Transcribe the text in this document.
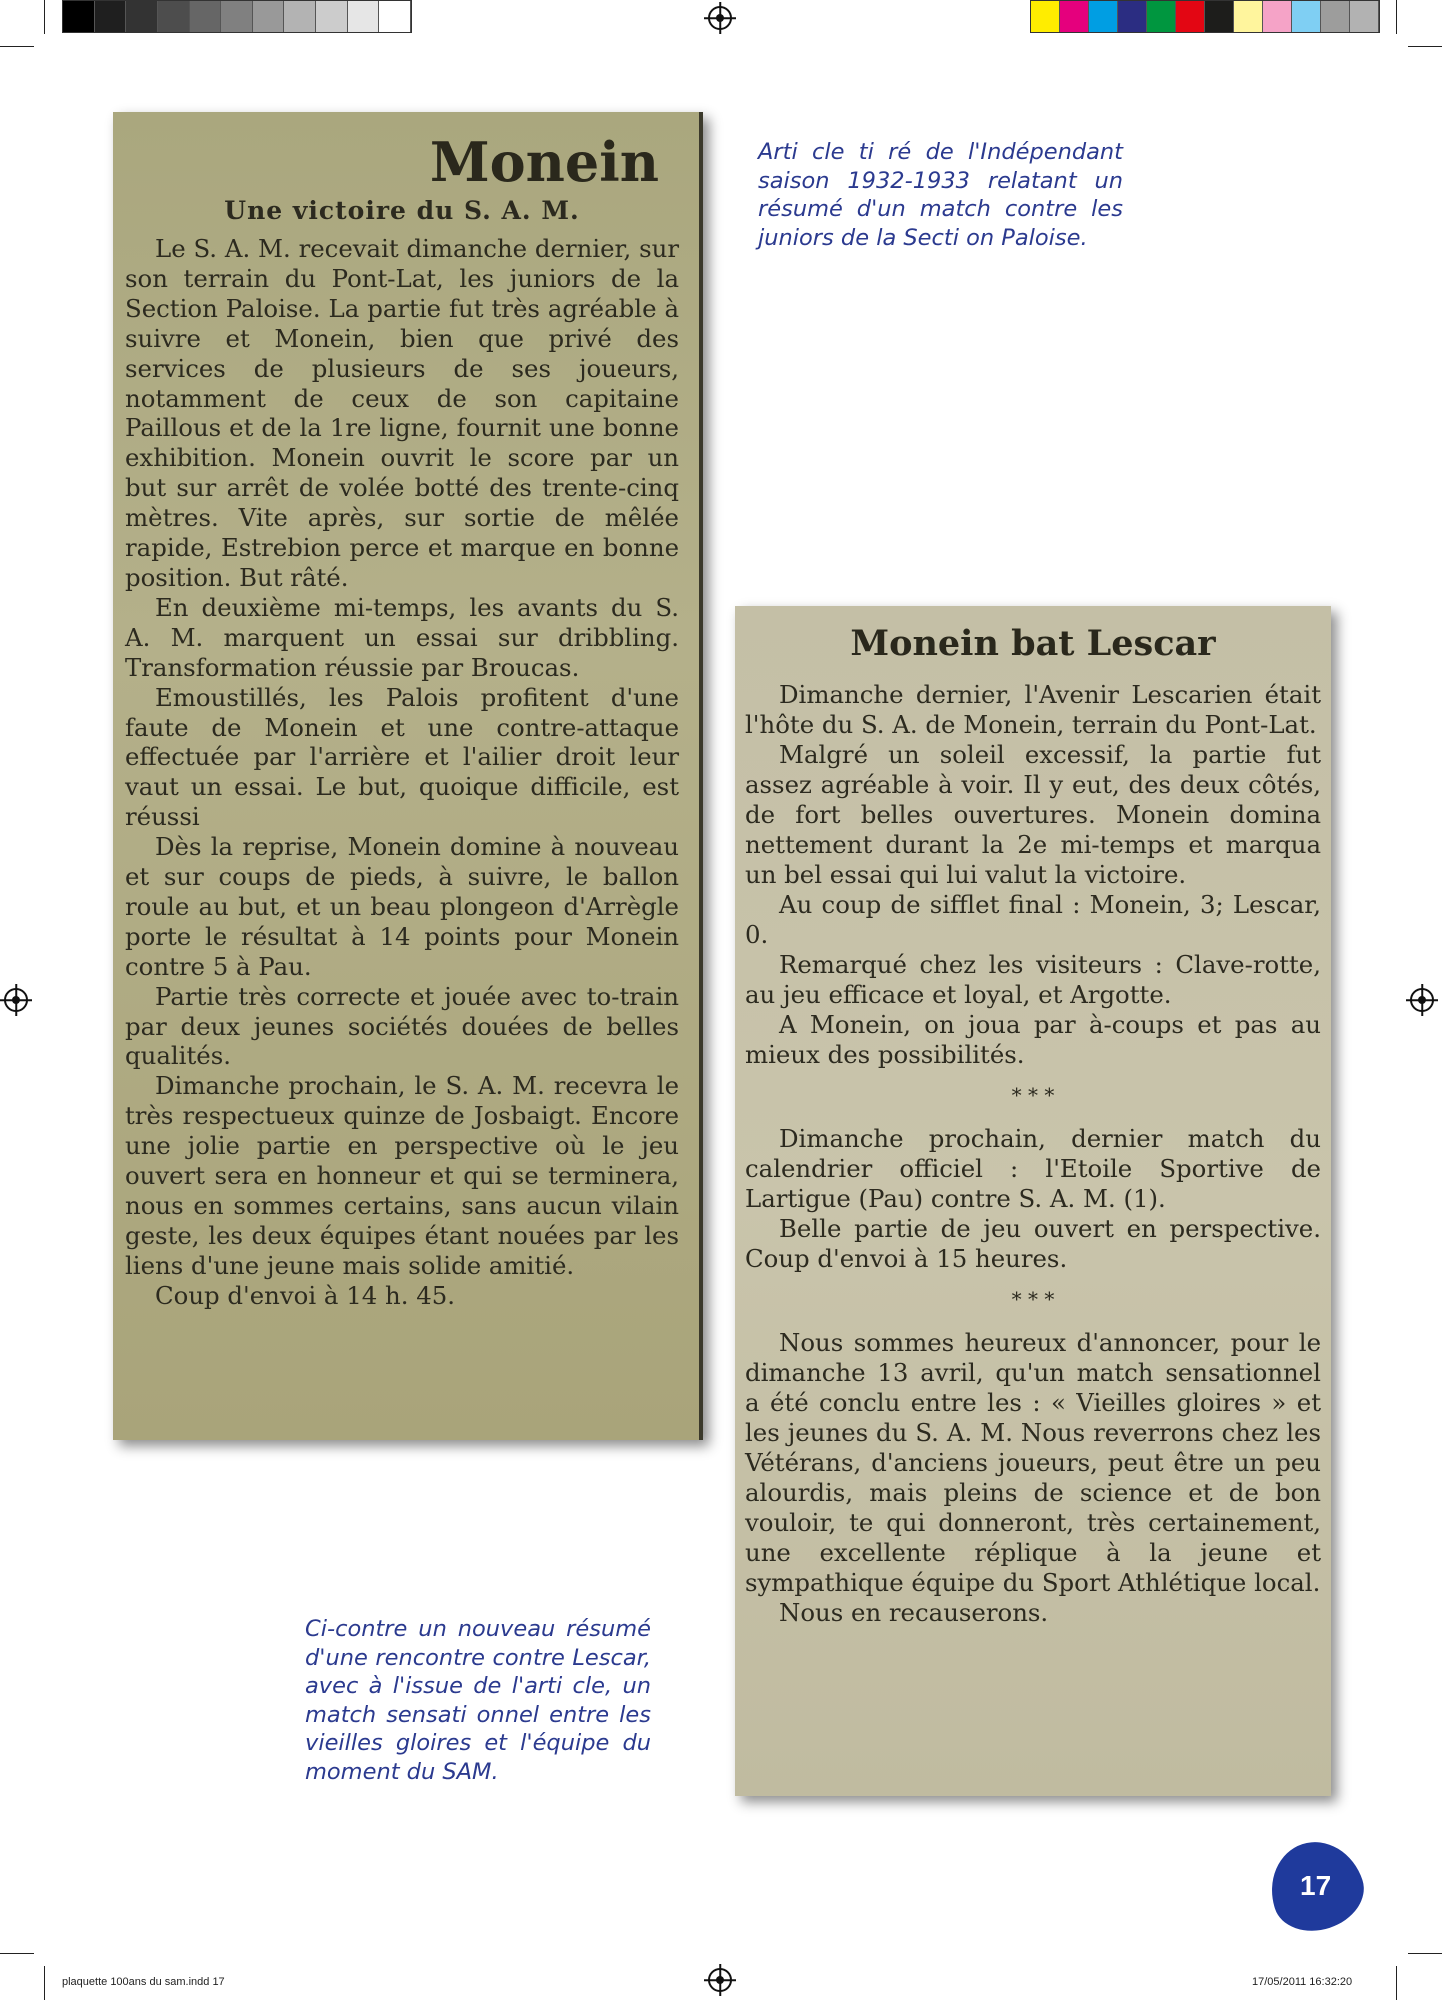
Monein
Une victoire du S. A. M.

Le S. A. M. recevait dimanche dernier, sur son terrain du Pont-Lat, les juniors de la Section Paloise. La partie fut très agréable à suivre et Monein, bien que privé des services de plusieurs de ses joueurs, notamment de ceux de son capitaine Paillous et de la 1re ligne, fournit une bonne exhibition. Monein ouvrit le score par un but sur arrêt de volée botté des trente-cinq mètres. Vite après, sur sortie de mêlée rapide, Estrebion perce et marque en bonne position. But râté.

En deuxième mi-temps, les avants du S. A. M. marquent un essai sur dribbling. Transformation réussie par Broucas.

Emoustillés, les Palois profitent d'une faute de Monein et une contre-attaque effectuée par l'arrière et l'ailier droit leur vaut un essai. Le but, quoique difficile, est réussi

Dès la reprise, Monein domine à nouveau et sur coups de pieds, à suivre, le ballon roule au but, et un beau plongeon d'Arrègle porte le résultat à 14 points pour Monein contre 5 à Pau.

Partie très correcte et jouée avec to-train par deux jeunes sociétés douées de belles qualités.

Dimanche prochain, le S. A. M. recevra le très respectueux quinze de Josbaigt. Encore une jolie partie en perspective où le jeu ouvert sera en honneur et qui se terminera, nous en sommes certains, sans aucun vilain geste, les deux équipes étant nouées par les liens d'une jeune mais solide amitié.

Coup d'envoi à 14 h. 45.

Arti cle ti ré de l'Indépendant saison 1932-1933 relatant un résumé d'un match contre les juniors de la Secti on Paloise.

Monein bat Lescar

Dimanche dernier, l'Avenir Lescarien était l'hôte du S. A. de Monein, terrain du Pont-Lat.

Malgré un soleil excessif, la partie fut assez agréable à voir. Il y eut, des deux côtés, de fort belles ouvertures. Monein domina nettement durant la 2e mi-temps et marqua un bel essai qui lui valut la victoire.

Au coup de sifflet final : Monein, 3; Lescar, 0.

Remarqué chez les visiteurs : Clave-rotte, au jeu efficace et loyal, et Argotte.

A Monein, on joua par à-coups et pas au mieux des possibilités.

* * *

Dimanche prochain, dernier match du calendrier officiel : l'Etoile Sportive de Lartigue (Pau) contre S. A. M. (1).

Belle partie de jeu ouvert en perspective. Coup d'envoi à 15 heures.

* * *

Nous sommes heureux d'annoncer, pour le dimanche 13 avril, qu'un match sensationnel a été conclu entre les : « Vieilles gloires » et les jeunes du S. A. M. Nous reverrons chez les Vétérans, d'anciens joueurs, peut être un peu alourdis, mais pleins de science et de bon vouloir, te qui donneront, très certainement, une excellente réplique à la jeune et sympathique équipe du Sport Athlétique local.

Nous en recauserons.

Ci-contre un nouveau résumé d'une rencontre contre Lescar, avec à l'issue de l'arti cle, un match sensati onnel entre les vieilles gloires et l'équipe du moment du SAM.

17
plaquette 100ans du sam.indd 17	17/05/2011 16:32:20
